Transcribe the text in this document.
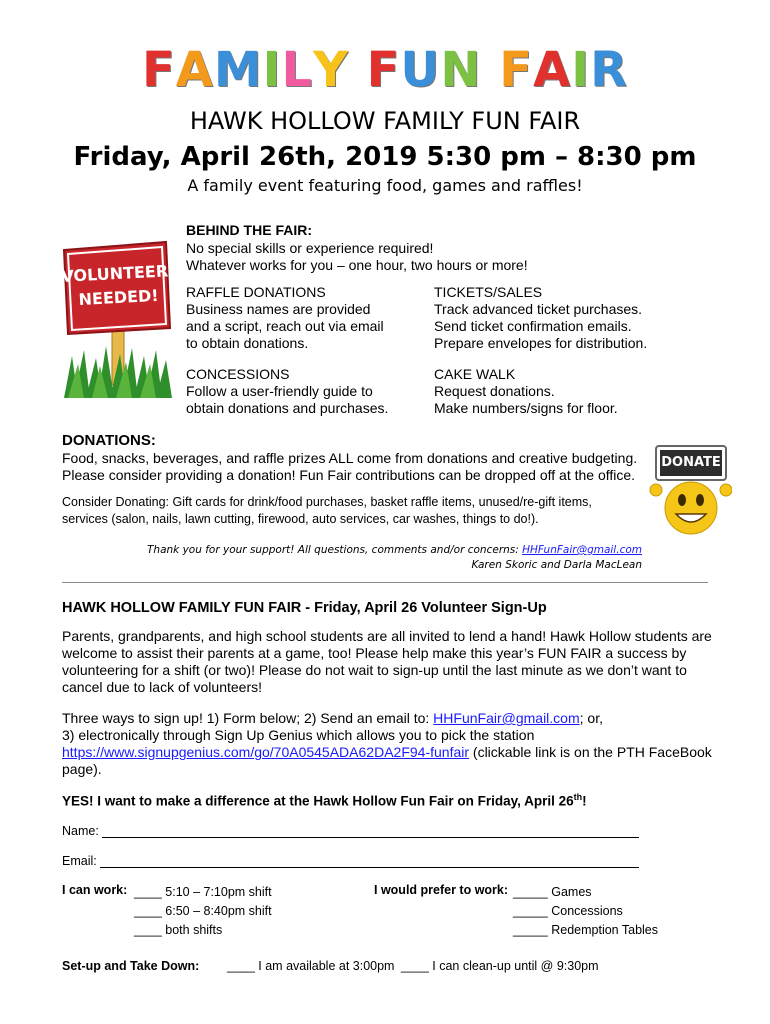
FAMILY FUN FAIR
HAWK HOLLOW FAMILY FUN FAIR
Friday, April 26th, 2019 5:30 pm – 8:30 pm
A family event featuring food, games and raffles!
VOLUNTEERS
NEEDED!
BEHIND THE FAIR:
No special skills or experience required!
Whatever works for you – one hour, two hours or more!
RAFFLE DONATIONS
Business names are provided
and a script, reach out via email
to obtain donations.
TICKETS/SALES
Track advanced ticket purchases.
Send ticket confirmation emails.
Prepare envelopes for distribution.
CONCESSIONS
Follow a user-friendly guide to
obtain donations and purchases.
CAKE WALK
Request donations.
Make numbers/signs for floor.
DONATIONS:
Food, snacks, beverages, and raffle prizes ALL come from donations and creative budgeting.
Please consider providing a donation! Fun Fair contributions can be dropped off at the office.
Consider Donating: Gift cards for drink/food purchases, basket raffle items, unused/re-gift items,
services (salon, nails, lawn cutting, firewood, auto services, car washes, things to do!).
DONATE
Thank you for your support! All questions, comments and/or concerns: HHFunFair@gmail.com
Karen Skoric and Darla MacLean
HAWK HOLLOW FAMILY FUN FAIR - Friday, April 26 Volunteer Sign-Up
Parents, grandparents, and high school students are all invited to lend a hand! Hawk Hollow students are
welcome to assist their parents at a game, too! Please help make this year’s FUN FAIR a success by
volunteering for a shift (or two)! Please do not wait to sign-up until the last minute as we don’t want to
cancel due to lack of volunteers!
Three ways to sign up! 1) Form below; 2) Send an email to: HHFunFair@gmail.com; or,
3) electronically through Sign Up Genius which allows you to pick the station
https://www.signupgenius.com/go/70A0545ADA62DA2F94-funfair (clickable link is on the PTH FaceBook
page).
YES! I want to make a difference at the Hawk Hollow Fun Fair on Friday, April 26th!
Name:
Email:
I can work: ____ 5:10 – 7:10pm shift
____ 6:50 – 8:40pm shift
____ both shifts
I would prefer to work: _____ Games
_____ Concessions
_____ Redemption Tables
Set-up and Take Down: ____ I am available at 3:00pm ____ I can clean-up until @ 9:30pm
